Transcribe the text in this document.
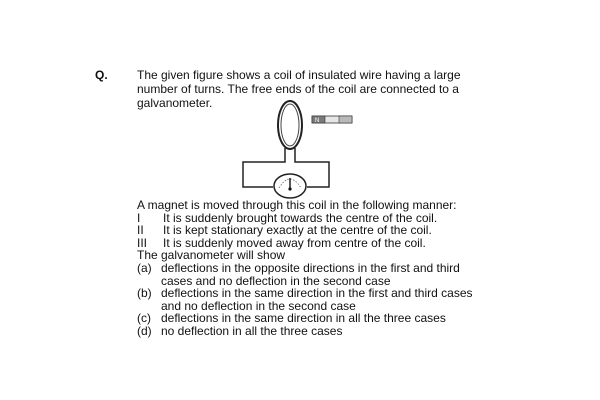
Q. The given figure shows a coil of insulated wire having a large
number of turns. The free ends of the coil are connected to a
galvanometer.
N
A magnet is moved through this coil in the following manner:
I	It is suddenly brought towards the centre of the coil.
II	It is kept stationary exactly at the centre of the coil.
III	It is suddenly moved away from centre of the coil.
The galvanometer will show
(a) deflections in the opposite directions in the first and third
cases and no deflection in the second case
(b) deflections in the same direction in the first and third cases
and no deflection in the second case
(c) deflections in the same direction in all the three cases
(d) no deflection in all the three cases
